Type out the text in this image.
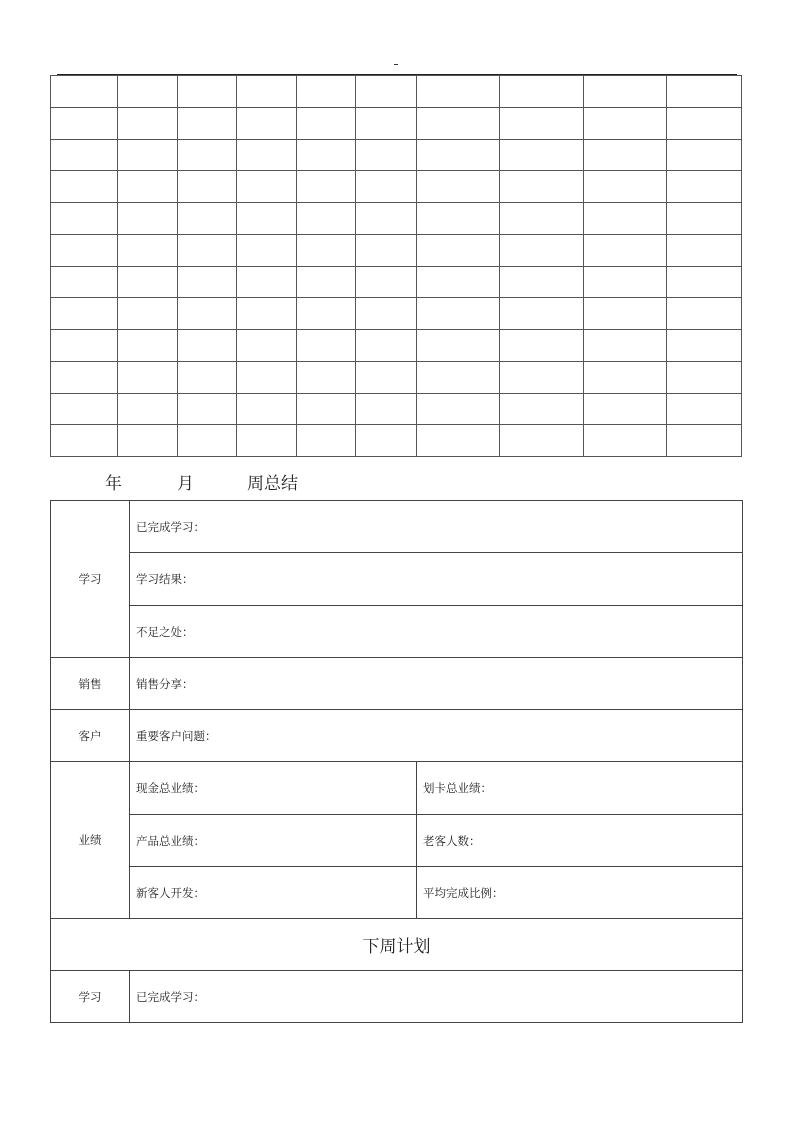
年	月	周总结
学习	已完成学习：	
	学习结果：	
	不足之处：	
销售	销售分享：	
客户	重要客户问题：	
业绩	现金总业绩：	划卡总业绩：
	产品总业绩：	老客人数：
	新客人开发：	平均完成比例：
下周计划		
学习	已完成学习：	
